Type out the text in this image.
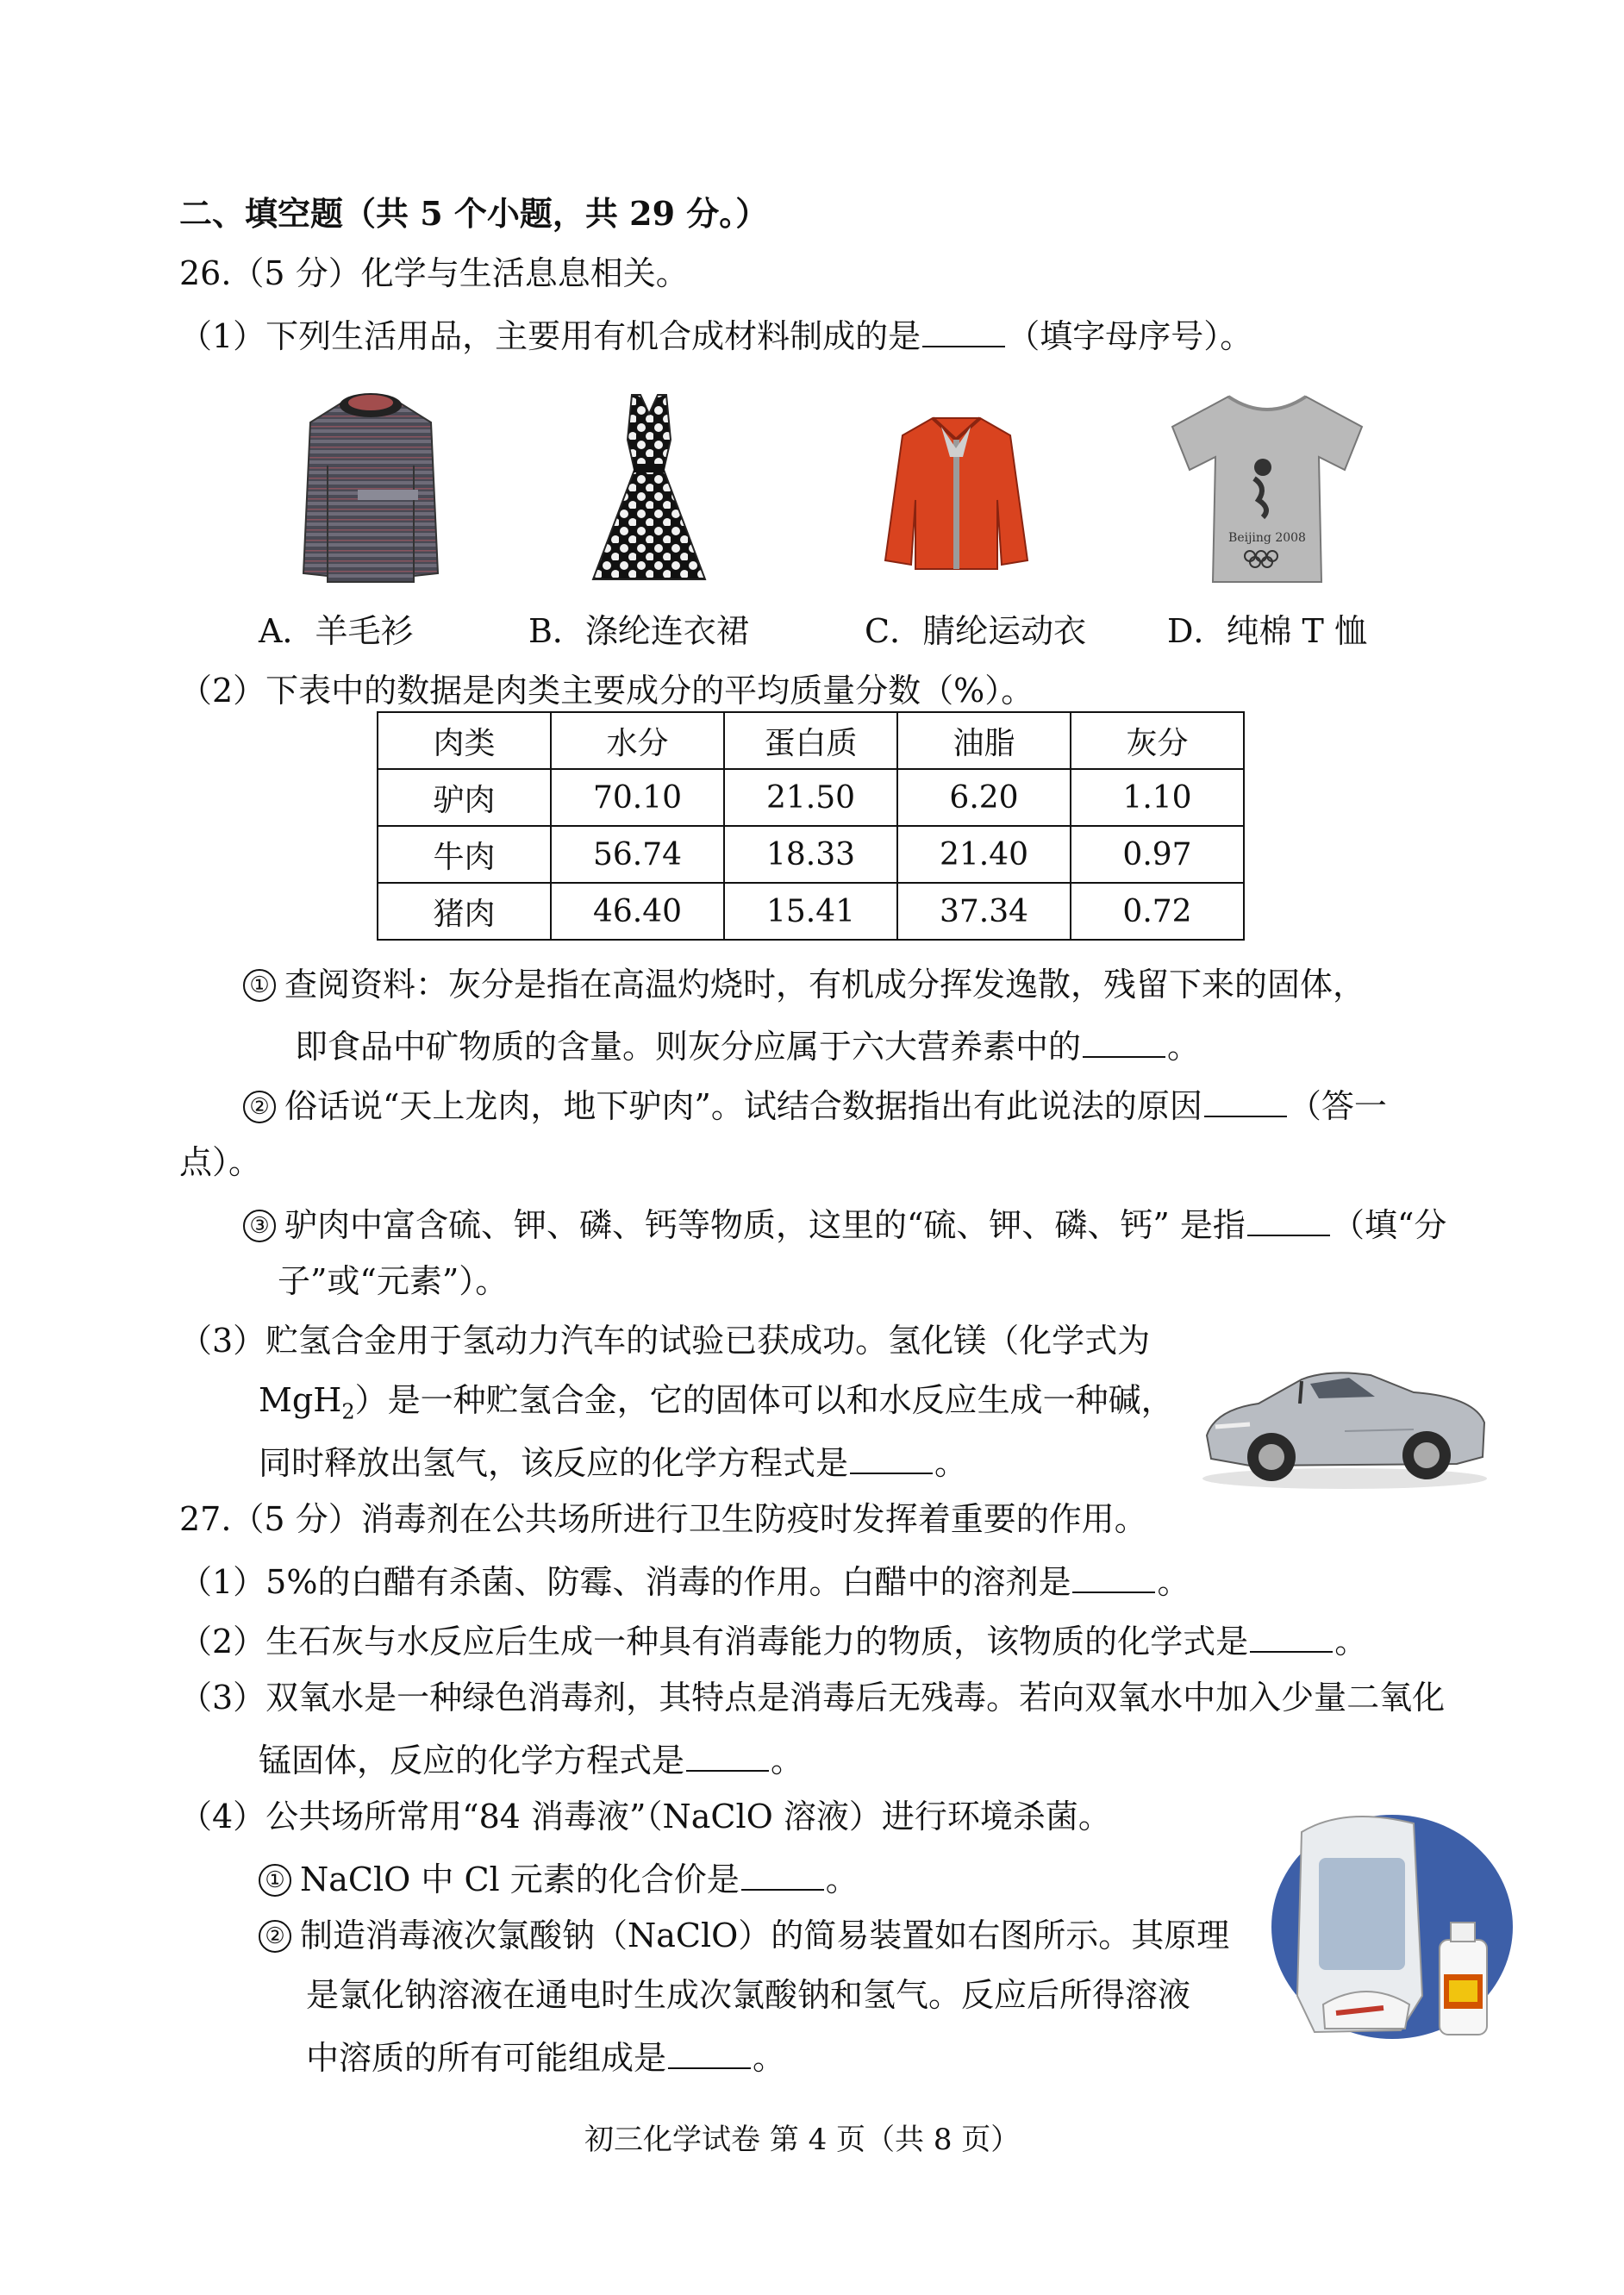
二、填空题（共 5 个小题，共 29 分。）
26.（5 分）化学与生活息息相关。
（1）下列生活用品，主要用有机合成材料制成的是	（填字母序号）。
Beijing 2008
A．羊毛衫	B．涤纶连衣裙	C．腈纶运动衣 D．纯棉 T 恤
（2）下表中的数据是肉类主要成分的平均质量分数（%）。
肉类	水分	蛋白质	油脂	灰分
驴肉	70.10	21.50	6.20	1.10
牛肉	56.74	18.33	21.40	0.97
猪肉	46.40	15.41	37.34	0.72
① 查阅资料：灰分是指在高温灼烧时，有机成分挥发逸散，残留下来的固体，
即食品中矿物质的含量。则灰分应属于六大营养素中的	。
② 俗话说“天上龙肉，地下驴肉”。试结合数据指出有此说法的原因	（答一
点）。
③ 驴肉中富含硫、钾、磷、钙等物质，这里的“硫、钾、磷、钙” 是指	（填“分
子”或“元素”）。
（3）贮氢合金用于氢动力汽车的试验已获成功。氢化镁（化学式为
MgH$_2$）是一种贮氢合金，它的固体可以和水反应生成一种碱，
同时释放出氢气，该反应的化学方程式是	。
27.（5 分）消毒剂在公共场所进行卫生防疫时发挥着重要的作用。
（1）5%的白醋有杀菌、防霉、消毒的作用。白醋中的溶剂是	。
（2）生石灰与水反应后生成一种具有消毒能力的物质，该物质的化学式是	。
（3）双氧水是一种绿色消毒剂，其特点是消毒后无残毒。若向双氧水中加入少量二氧化
锰固体，反应的化学方程式是	。
（4）公共场所常用“84 消毒液”（NaClO 溶液）进行环境杀菌。
① NaClO 中 Cl 元素的化合价是	。
② 制造消毒液次氯酸钠（NaClO）的简易装置如右图所示。其原理
是氯化钠溶液在通电时生成次氯酸钠和氢气。反应后所得溶液
中溶质的所有可能组成是	。
初三化学试卷 第 4 页（共 8 页）
